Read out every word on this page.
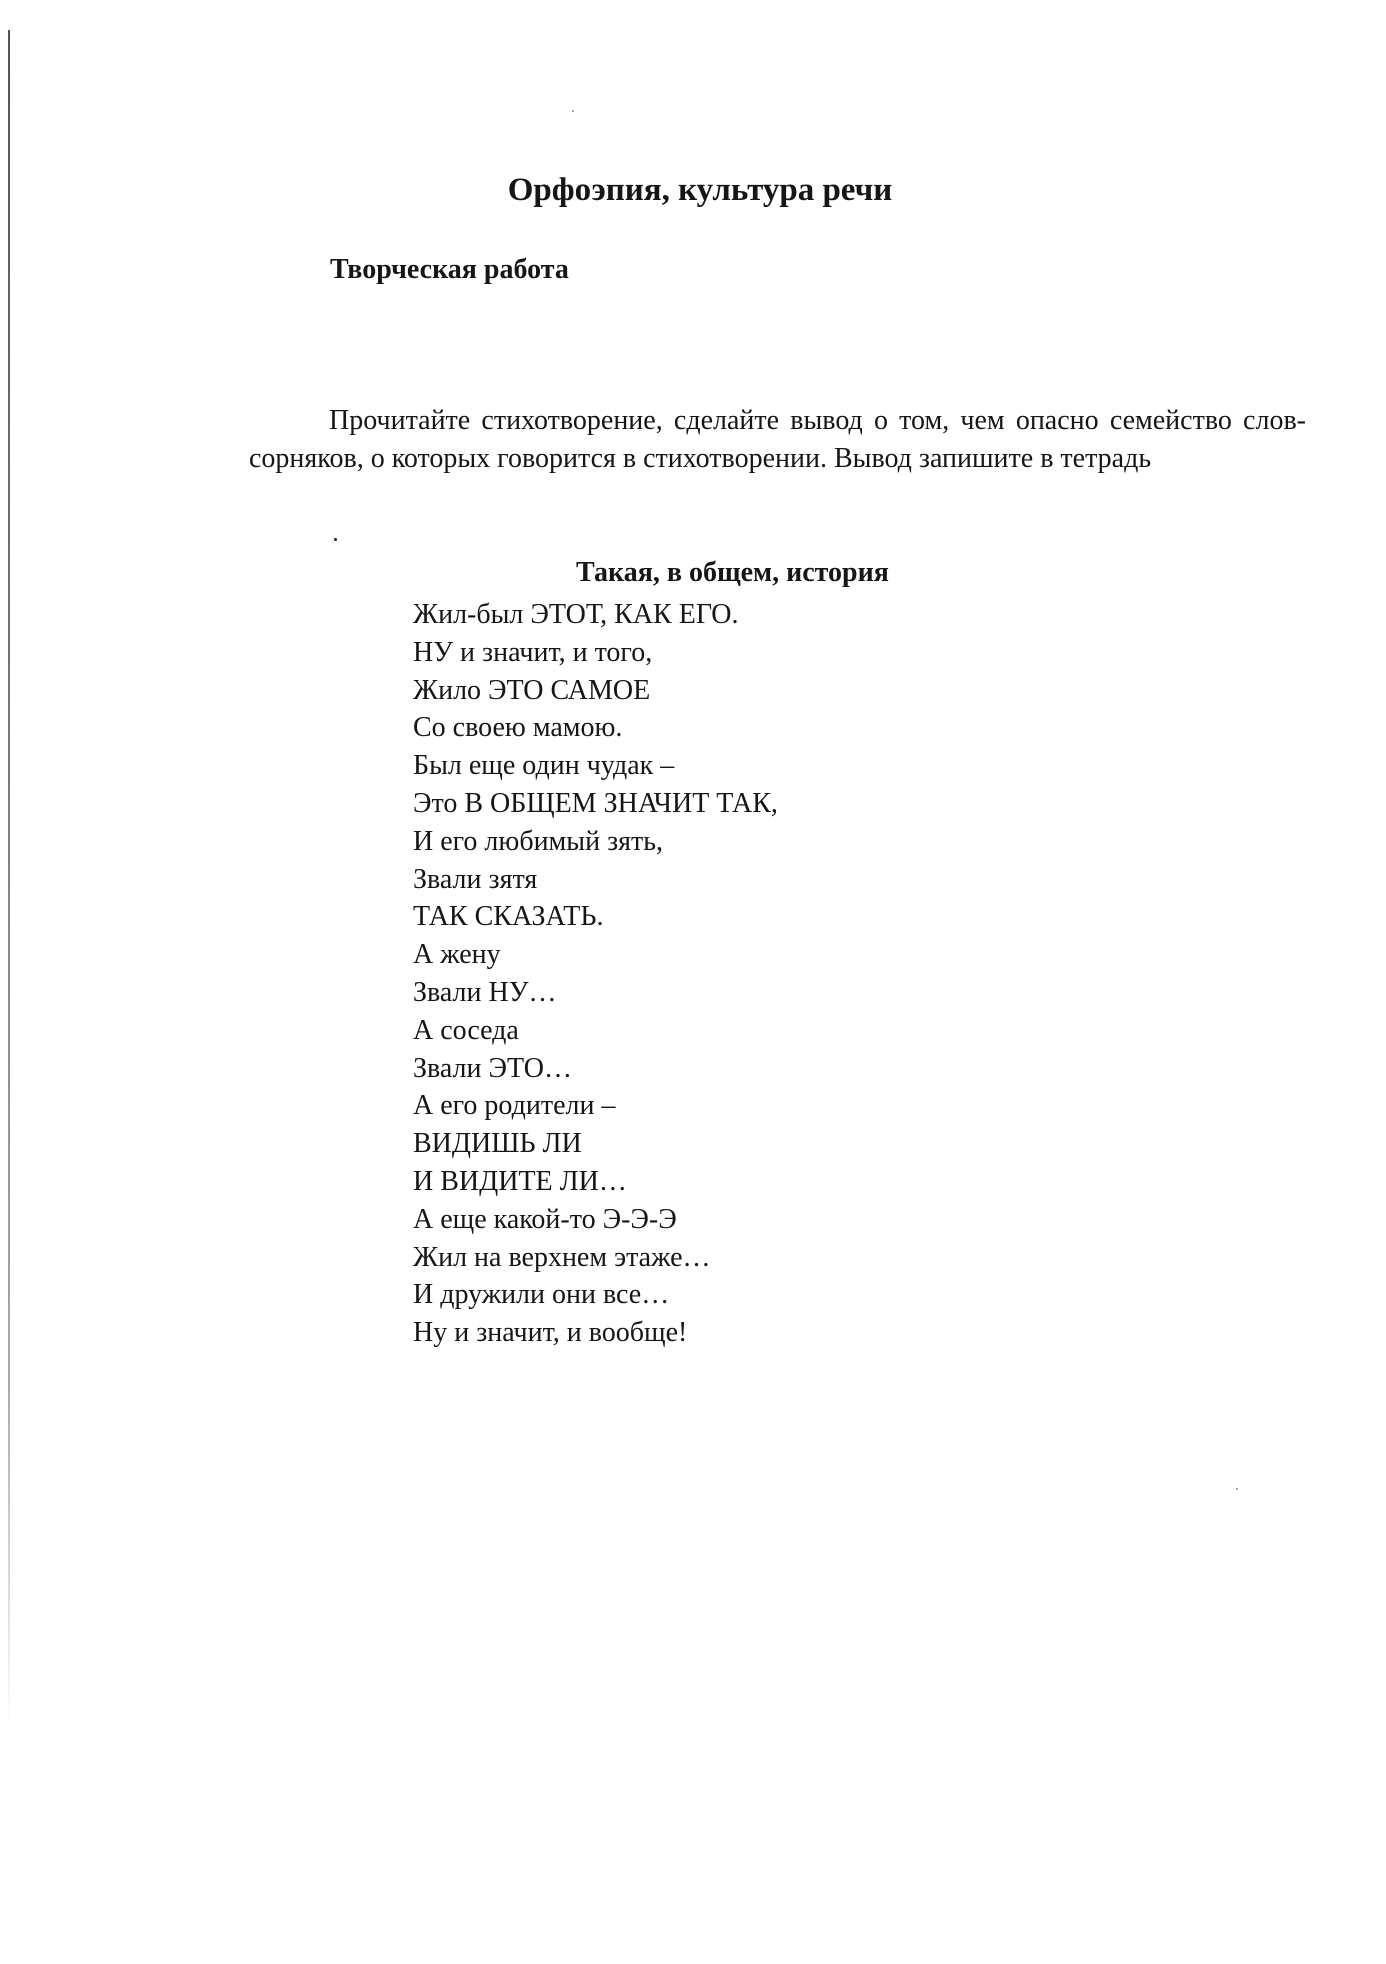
Орфоэпия, культура речи
Творческая работа

Прочитайте стихотворение, сделайте вывод о том, чем опасно семейство слов-сорняков, о которых говорится в стихотворении. Вывод запишите в тетрадь

Такая, в общем, история
Жил-был ЭТОТ, КАК ЕГО.
НУ и значит, и того,
Жило ЭТО САМОЕ
Со своею мамою.
Был еще один чудак –
Это В ОБЩЕМ ЗНАЧИТ ТАК,
И его любимый зять,
Звали зятя
ТАК СКАЗАТЬ.
А жену
Звали НУ…
А соседа
Звали ЭТО…
А его родители –
ВИДИШЬ ЛИ
И ВИДИТЕ ЛИ…
А еще какой-то Э-Э-Э
Жил на верхнем этаже…
И дружили они все…
Ну и значит, и вообще!
